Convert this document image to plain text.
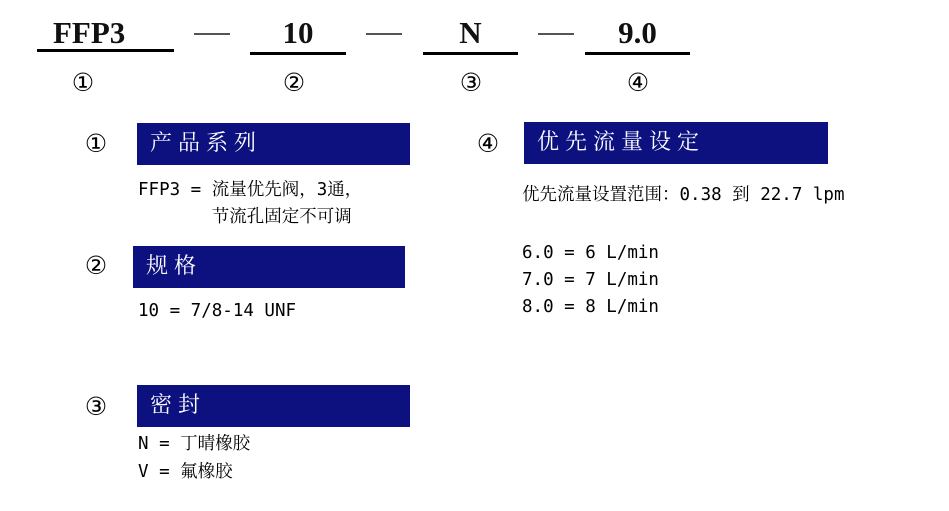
FFP3	10	N	9.0
①	②	③	④
①	产品系列
FFP3 = 流量优先阀，3通，
节流孔固定不可调
②	规格
10 = 7/8-14 UNF
③	密封
N = 丁晴橡胶
V = 氟橡胶
④	优先流量设定
优先流量设置范围：0.38 到 22.7 lpm
6.0 = 6 L/min
7.0 = 7 L/min
8.0 = 8 L/min
